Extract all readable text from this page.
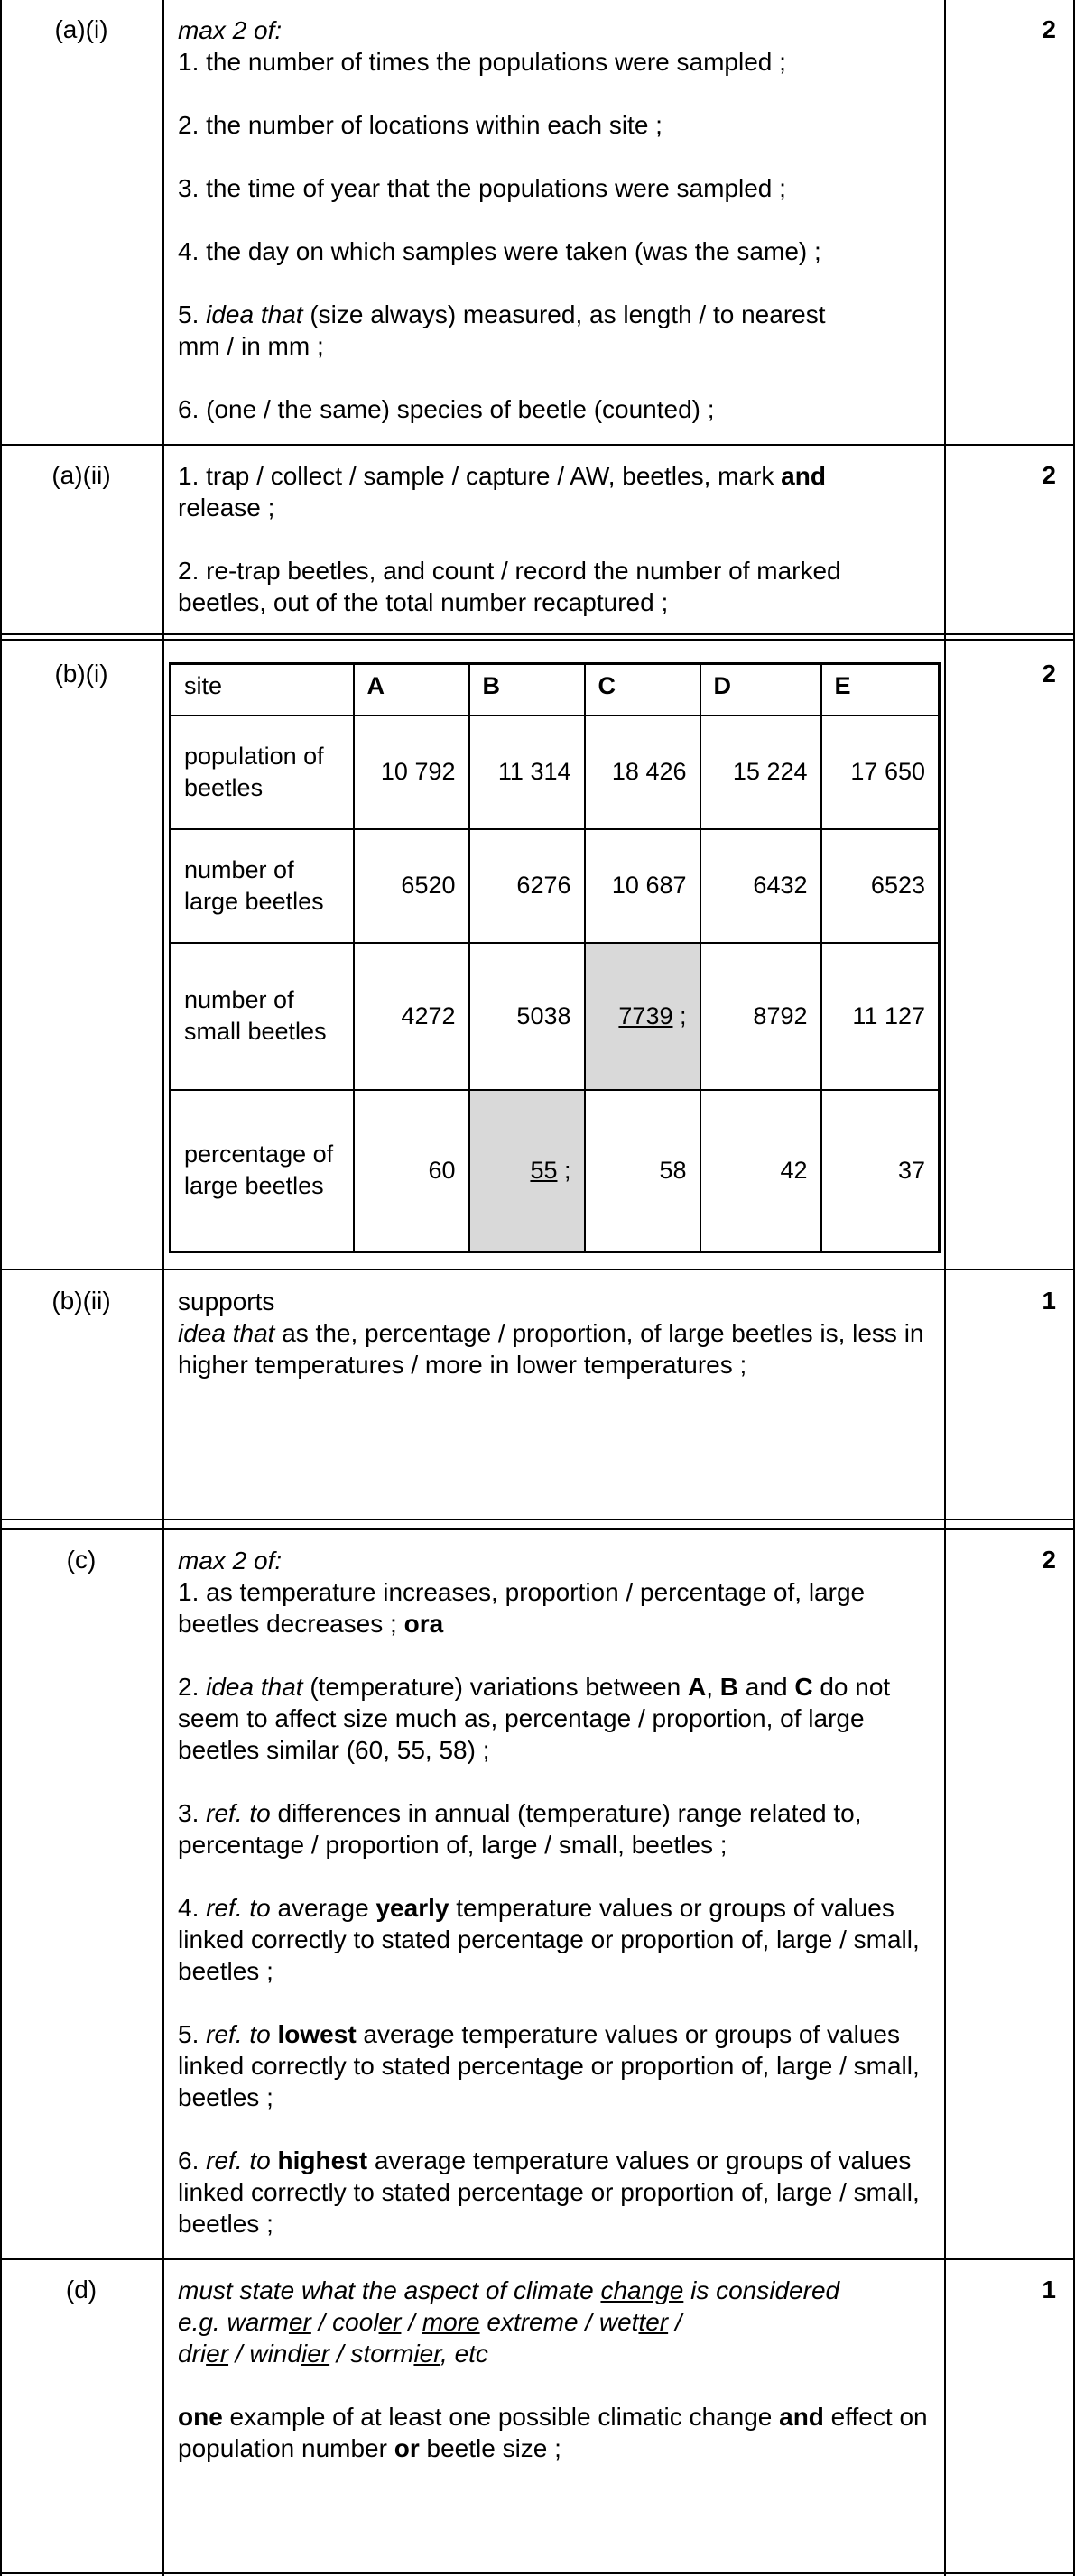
(a)(i)	2

max 2 of:

1. the number of times the populations were sampled ;

2. the number of locations within each site ;

3. the time of year that the populations were sampled ;

4. the day on which samples were taken (was the same) ;

5. idea that (size always) measured, as length / to nearest
mm / in mm ;

6. (one / the same) species of beetle (counted) ;

(a)(ii)	2

1. trap / collect / sample / capture / AW, beetles, mark and
release ;

2. re-trap beetles, and count / record the number of marked beetles, out of the total number recaptured ;

(b)(i)	2
site	A	B	C	D	E
population of beetles	10 792	11 314	18 426	15 224	17 650
number of large beetles	6520	6276	10 687	6432	6523
number of small beetles	4272	5038	7739 ;	8792	11 127
percentage of large beetles	60	55 ;	58	42	37
(b)(ii)	1

supports

idea that as the, percentage / proportion, of large beetles is, less in higher temperatures / more in lower temperatures ;

(c)	2

max 2 of:

1. as temperature increases, proportion / percentage of, large beetles decreases ; ora

2. idea that (temperature) variations between A, B and C do not seem to affect size much as, percentage / proportion, of large beetles similar (60, 55, 58) ;

3. ref. to differences in annual (temperature) range related to, percentage / proportion of, large / small, beetles ;

4. ref. to average yearly temperature values or groups of values linked correctly to stated percentage or proportion of, large / small, beetles ;

5. ref. to lowest average temperature values or groups of values linked correctly to stated percentage or proportion of, large / small, beetles ;

6. ref. to highest average temperature values or groups of values linked correctly to stated percentage or proportion of, large / small, beetles ;

(d)	1

must state what the aspect of climate change is considered
e.g. warmer / cooler / more extreme / wetter /
drier / windier / stormier, etc

one example of at least one possible climatic change and effect on population number or beetle size ;
